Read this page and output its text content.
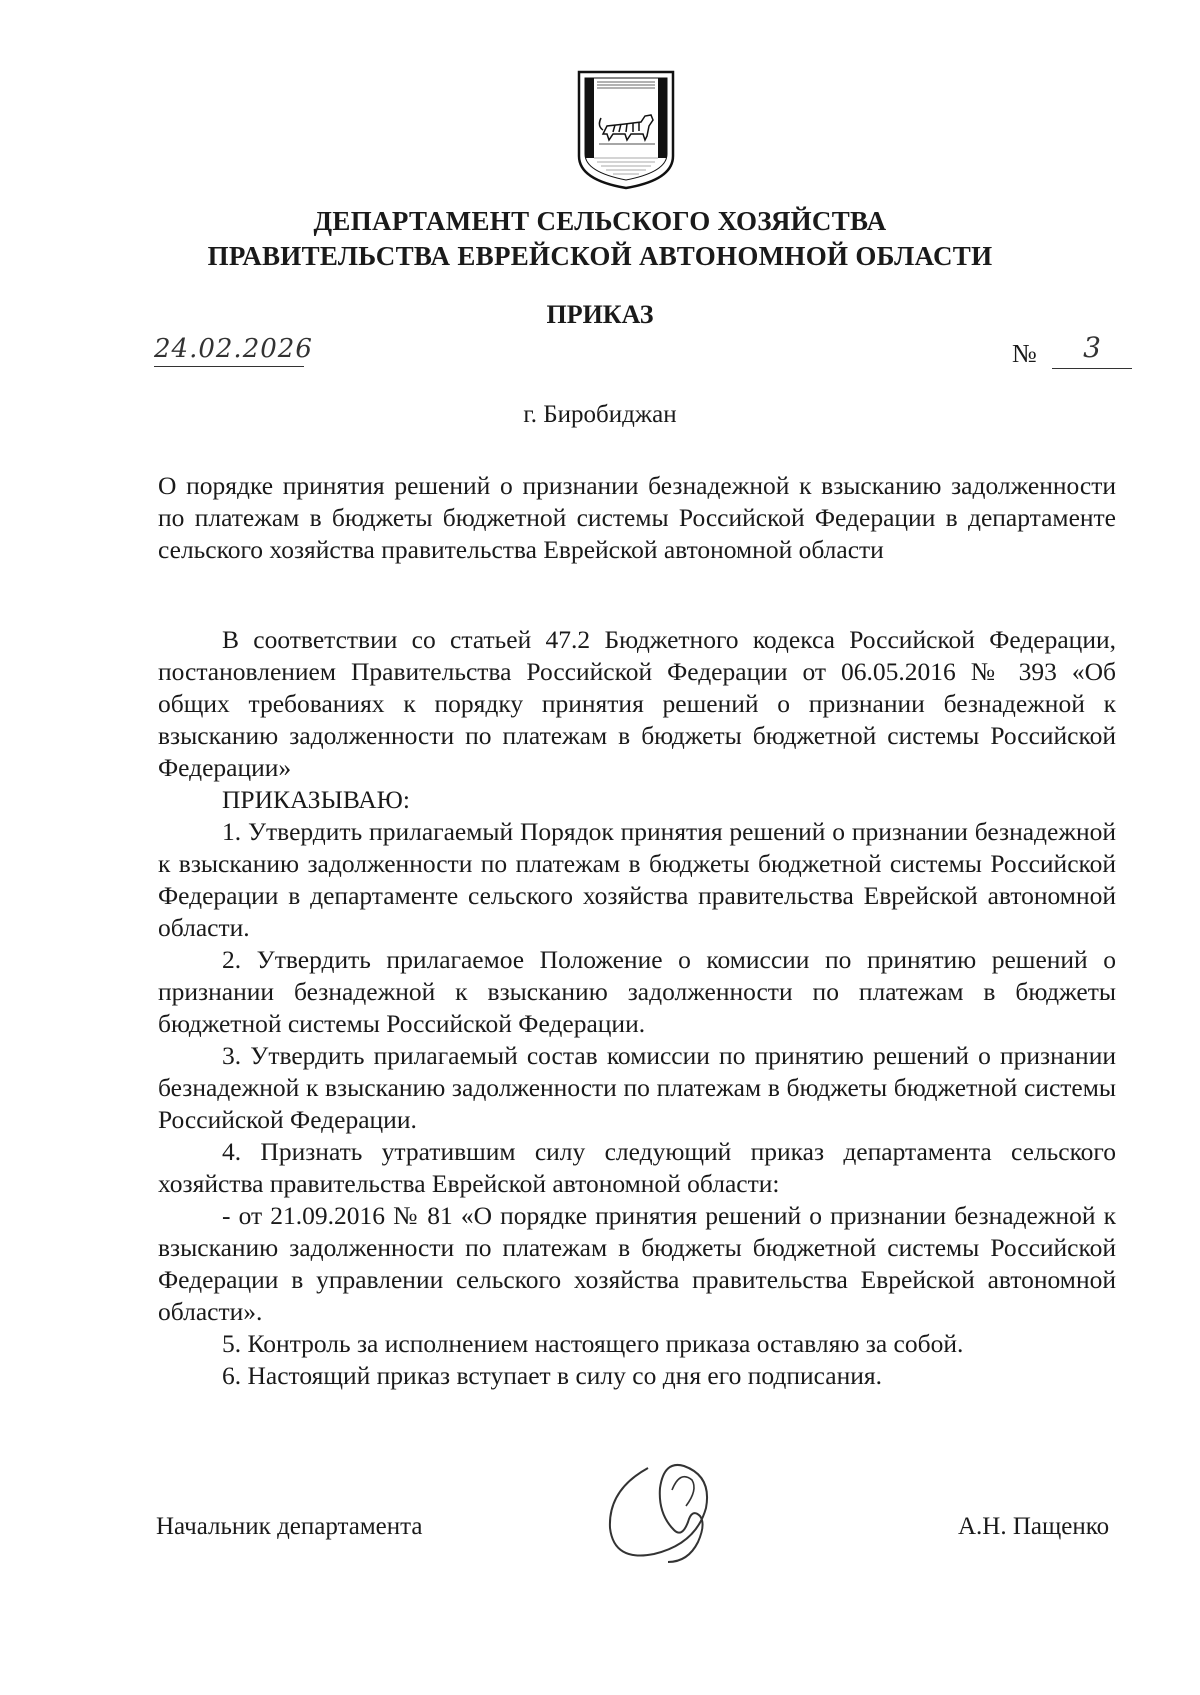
ДЕПАРТАМЕНТ СЕЛЬСКОГО ХОЗЯЙСТВА
ПРАВИТЕЛЬСТВА ЕВРЕЙСКОЙ АВТОНОМНОЙ ОБЛАСТИ
ПРИКАЗ
24.02.2026	№	3
г. Биробиджан
О порядке принятия решений о признании безнадежной к взысканию задолженности по платежам в бюджеты бюджетной системы Российской Федерации в департаменте сельского хозяйства правительства Еврейской автономной области

В соответствии со статьей 47.2 Бюджетного кодекса Российской Федерации, постановлением Правительства Российской Федерации от 06.05.2016 № 393 «Об общих требованиях к порядку принятия решений о признании безнадежной к взысканию задолженности по платежам в бюджеты бюджетной системы Российской Федерации»

ПРИКАЗЫВАЮ:

1. Утвердить прилагаемый Порядок принятия решений о признании безнадежной к взысканию задолженности по платежам в бюджеты бюджетной системы Российской Федерации в департаменте сельского хозяйства правительства Еврейской автономной области.

2. Утвердить прилагаемое Положение о комиссии по принятию решений о признании безнадежной к взысканию задолженности по платежам в бюджеты бюджетной системы Российской Федерации.

3. Утвердить прилагаемый состав комиссии по принятию решений о признании безнадежной к взысканию задолженности по платежам в бюджеты бюджетной системы Российской Федерации.

4. Признать утратившим силу следующий приказ департамента сельского хозяйства правительства Еврейской автономной области:

- от 21.09.2016 № 81 «О порядке принятия решений о признании безнадежной к взысканию задолженности по платежам в бюджеты бюджетной системы Российской Федерации в управлении сельского хозяйства правительства Еврейской автономной области».

5. Контроль за исполнением настоящего приказа оставляю за собой.

6. Настоящий приказ вступает в силу со дня его подписания.

Начальник департамента	А.Н. Пащенко
